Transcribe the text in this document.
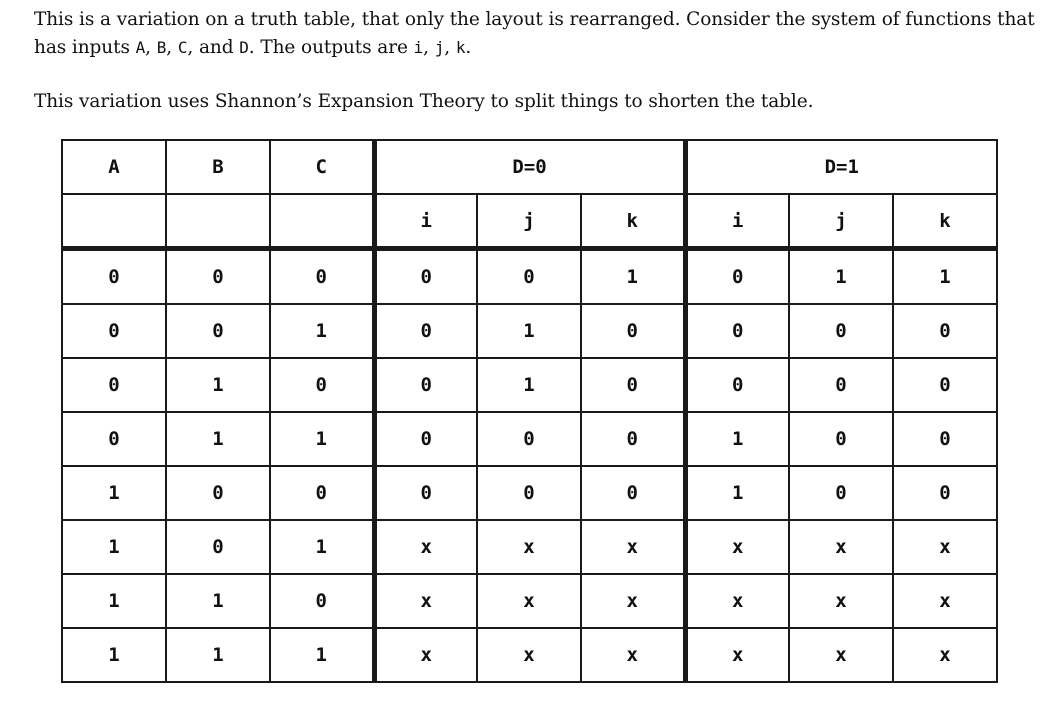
This is a variation on a truth table, that only the layout is rearranged. Consider the system of functions that has inputs A, B, C, and D. The outputs are i, j, k.

This variation uses Shannon’s Expansion Theory to split things to shorten the table.

A	B	C	D=0			D=1		
			i	j	k	i	j	k
0	0	0	0	0	1	0	1	1
0	0	1	0	1	0	0	0	0
0	1	0	0	1	0	0	0	0
0	1	1	0	0	0	1	0	0
1	0	0	0	0	0	1	0	0
1	0	1	x	x	x	x	x	x
1	1	0	x	x	x	x	x	x
1	1	1	x	x	x	x	x	x
